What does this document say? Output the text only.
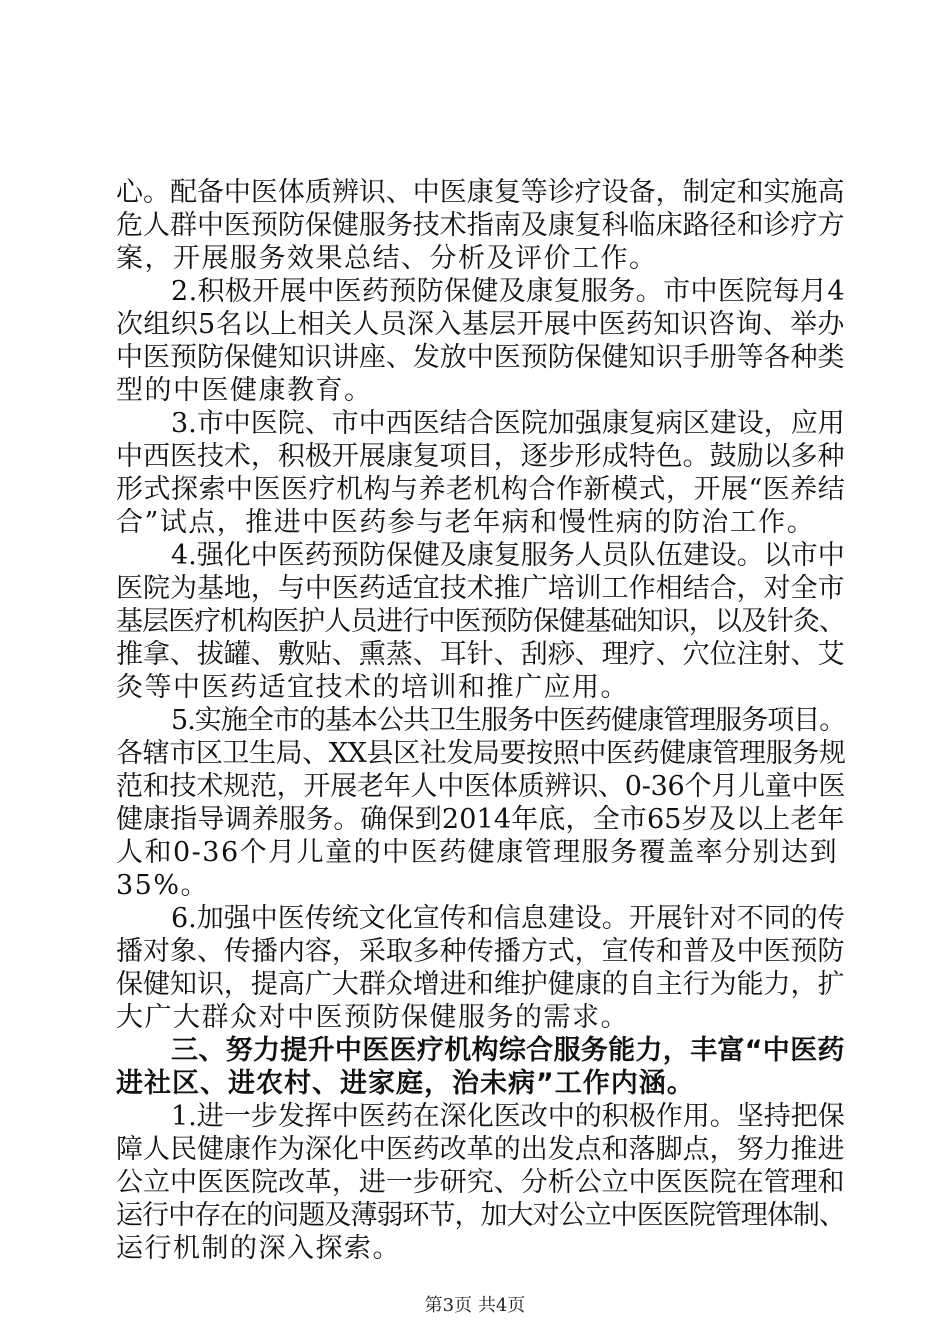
心。配备中医体质辨识、中医康复等诊疗设备，制定和实施高
危人群中医预防保健服务技术指南及康复科临床路径和诊疗方
案，开展服务效果总结、分析及评价工作。
2.积极开展中医药预防保健及康复服务。市中医院每月4
次组织5名以上相关人员深入基层开展中医药知识咨询、举办
中医预防保健知识讲座、发放中医预防保健知识手册等各种类
型的中医健康教育。
3.市中医院、市中西医结合医院加强康复病区建设，应用
中西医技术，积极开展康复项目，逐步形成特色。鼓励以多种
形式探索中医医疗机构与养老机构合作新模式，开展“医养结
合”试点，推进中医药参与老年病和慢性病的防治工作。
4.强化中医药预防保健及康复服务人员队伍建设。以市中
医院为基地，与中医药适宜技术推广培训工作相结合，对全市
基层医疗机构医护人员进行中医预防保健基础知识，以及针灸、
推拿、拔罐、敷贴、熏蒸、耳针、刮痧、理疗、穴位注射、艾
灸等中医药适宜技术的培训和推广应用。
5.实施全市的基本公共卫生服务中医药健康管理服务项目。
各辖市区卫生局、XX县区社发局要按照中医药健康管理服务规
范和技术规范，开展老年人中医体质辨识、0-36个月儿童中医
健康指导调养服务。确保到2014年底，全市65岁及以上老年
人和0-36个月儿童的中医药健康管理服务覆盖率分别达到
35%。
6.加强中医传统文化宣传和信息建设。开展针对不同的传
播对象、传播内容，采取多种传播方式，宣传和普及中医预防
保健知识，提高广大群众增进和维护健康的自主行为能力，扩
大广大群众对中医预防保健服务的需求。
三、努力提升中医医疗机构综合服务能力，丰富“中医药
进社区、进农村、进家庭，治未病”工作内涵。
1.进一步发挥中医药在深化医改中的积极作用。坚持把保
障人民健康作为深化中医药改革的出发点和落脚点，努力推进
公立中医医院改革，进一步研究、分析公立中医医院在管理和
运行中存在的问题及薄弱环节，加大对公立中医医院管理体制、
运行机制的深入探索。
第3页 共4页
